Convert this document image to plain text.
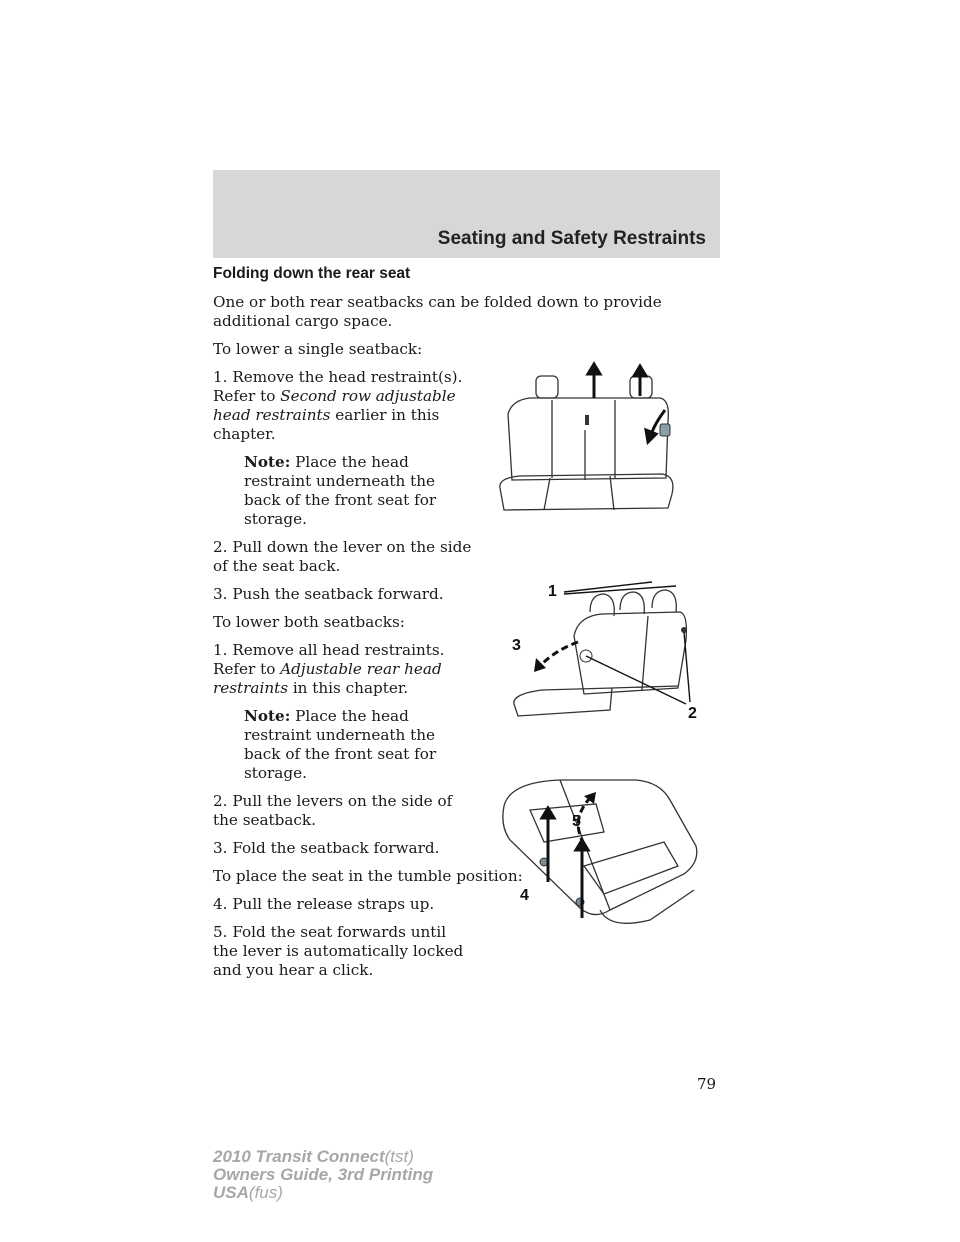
Seating and Safety Restraints
Folding down the rear seat

One or both rear seatbacks can be folded down to provide additional cargo space.

To lower a single seatback:

1. Remove the head restraint(s). Refer to Second row adjustable head restraints earlier in this chapter.

Note: Place the head restraint underneath the back of the front seat for storage.

2. Pull down the lever on the side of the seat back.

3. Push the seatback forward.

To lower both seatbacks:

1. Remove all head restraints. Refer to Adjustable rear head restraints in this chapter.

Note: Place the head restraint underneath the back of the front seat for storage.

2. Pull the levers on the side of the seatback.

3. Fold the seatback forward.

To place the seat in the tumble position:

4. Pull the release straps up.

5. Fold the seat forwards until the lever is automatically locked and you hear a click.

1
2
3
4
5
79
2010 Transit Connect(tst)
Owners Guide, 3rd Printing
USA(fus)
